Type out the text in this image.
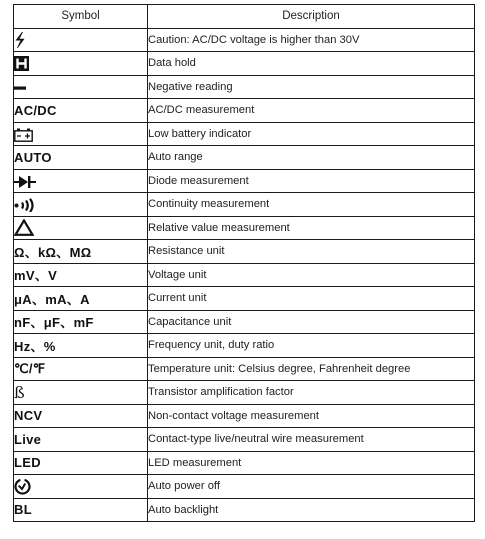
Symbol	Description

	Caution: AC/DC voltage is higher than 30V

	Data hold

	Negative reading
AC/DC	AC/DC measurement

	Low battery indicator
AUTO	Auto range

	Diode measurement

	Continuity measurement

	Relative value measurement
Ω、kΩ、MΩ	Resistance unit
mV、V	Voltage unit
μA、mA、A	Current unit
nF、μF、mF	Capacitance unit
Hz、%	Frequency unit, duty ratio
℃/℉	Temperature unit: Celsius degree, Fahrenheit degree
ß	Transistor amplification factor
NCV	Non-contact voltage measurement
Live	Contact-type live/neutral wire measurement
LED	LED measurement

	Auto power off
BL	Auto backlight
